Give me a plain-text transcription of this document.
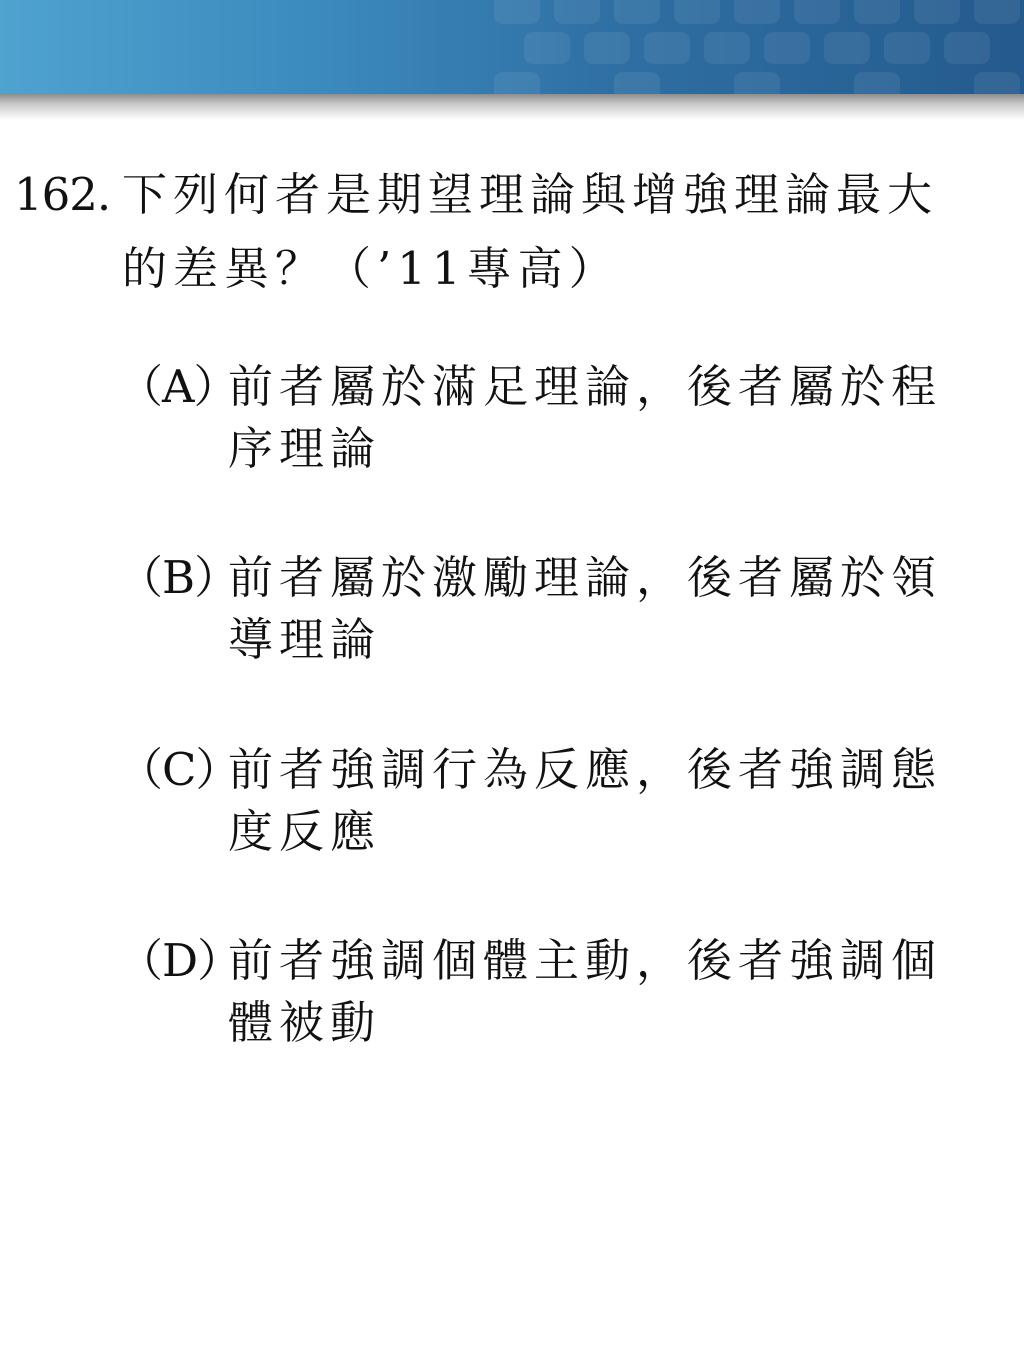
162. 下列何者是期望理論與增強理論最大的差異？（’11專高）
（A）
前者屬於滿足理論，後者屬於程序理論
（B）
前者屬於激勵理論，後者屬於領導理論
（C）
前者強調行為反應，後者強調態度反應
（D）
前者強調個體主動，後者強調個體被動
